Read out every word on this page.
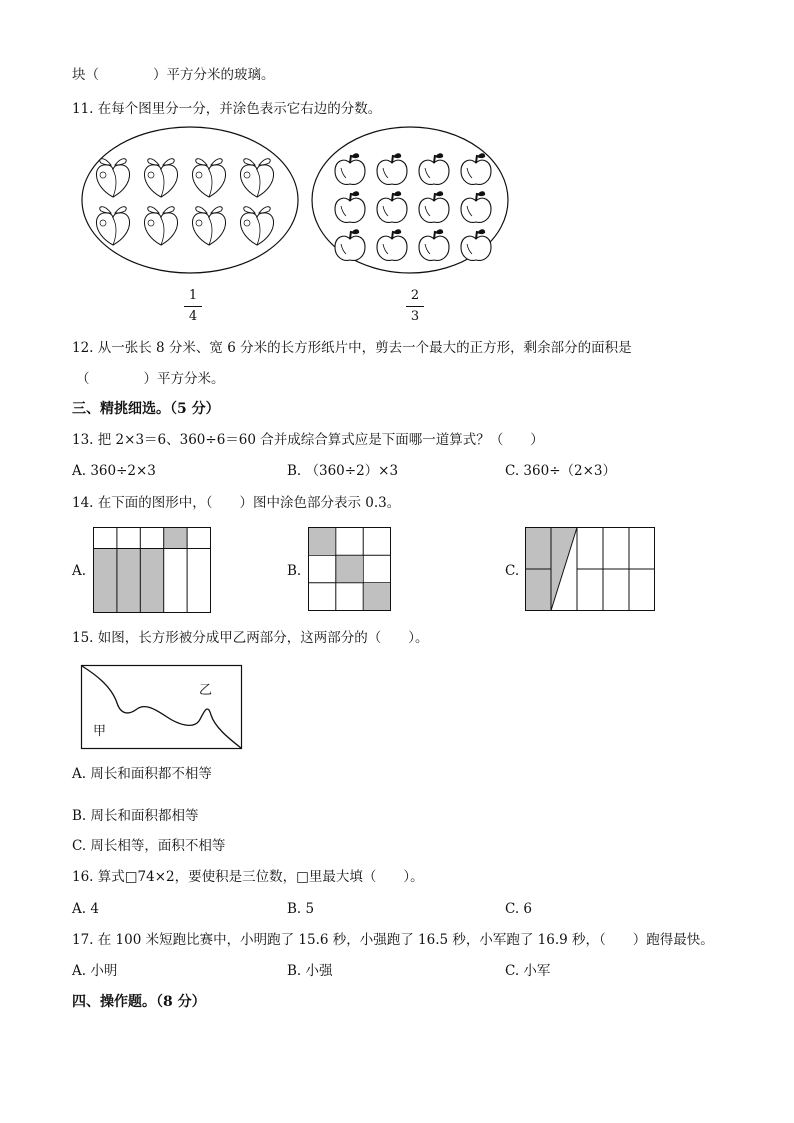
块（　　　　）平方分米的玻璃。
11. 在每个图里分一分，并涂色表示它右边的分数。
1
4
2
3
12. 从一张长 8 分米、宽 6 分米的长方形纸片中，剪去一个最大的正方形，剩余部分的面积是
（　　　　）平方分米。
三、精挑细选。（5 分）
13. 把 2×3＝6、360÷6＝60 合并成综合算式应是下面哪一道算式？（　　）
A. 360÷2×3	B. （360÷2）×3	C. 360÷（2×3）
14. 在下面的图形中，（　　）图中涂色部分表示 0.3。
A.	B.	C.
15. 如图，长方形被分成甲乙两部分，这两部分的（　　）。
乙
甲
A. 周长和面积都不相等
B. 周长和面积都相等
C. 周长相等，面积不相等
16. 算式□74×2，要使积是三位数，□里最大填（　　）。
A. 4	B. 5	C. 6
17. 在 100 米短跑比赛中，小明跑了 15.6 秒，小强跑了 16.5 秒，小军跑了 16.9 秒，（　　）跑得最快。
A. 小明	B. 小强	C. 小军
四、操作题。（8 分）
